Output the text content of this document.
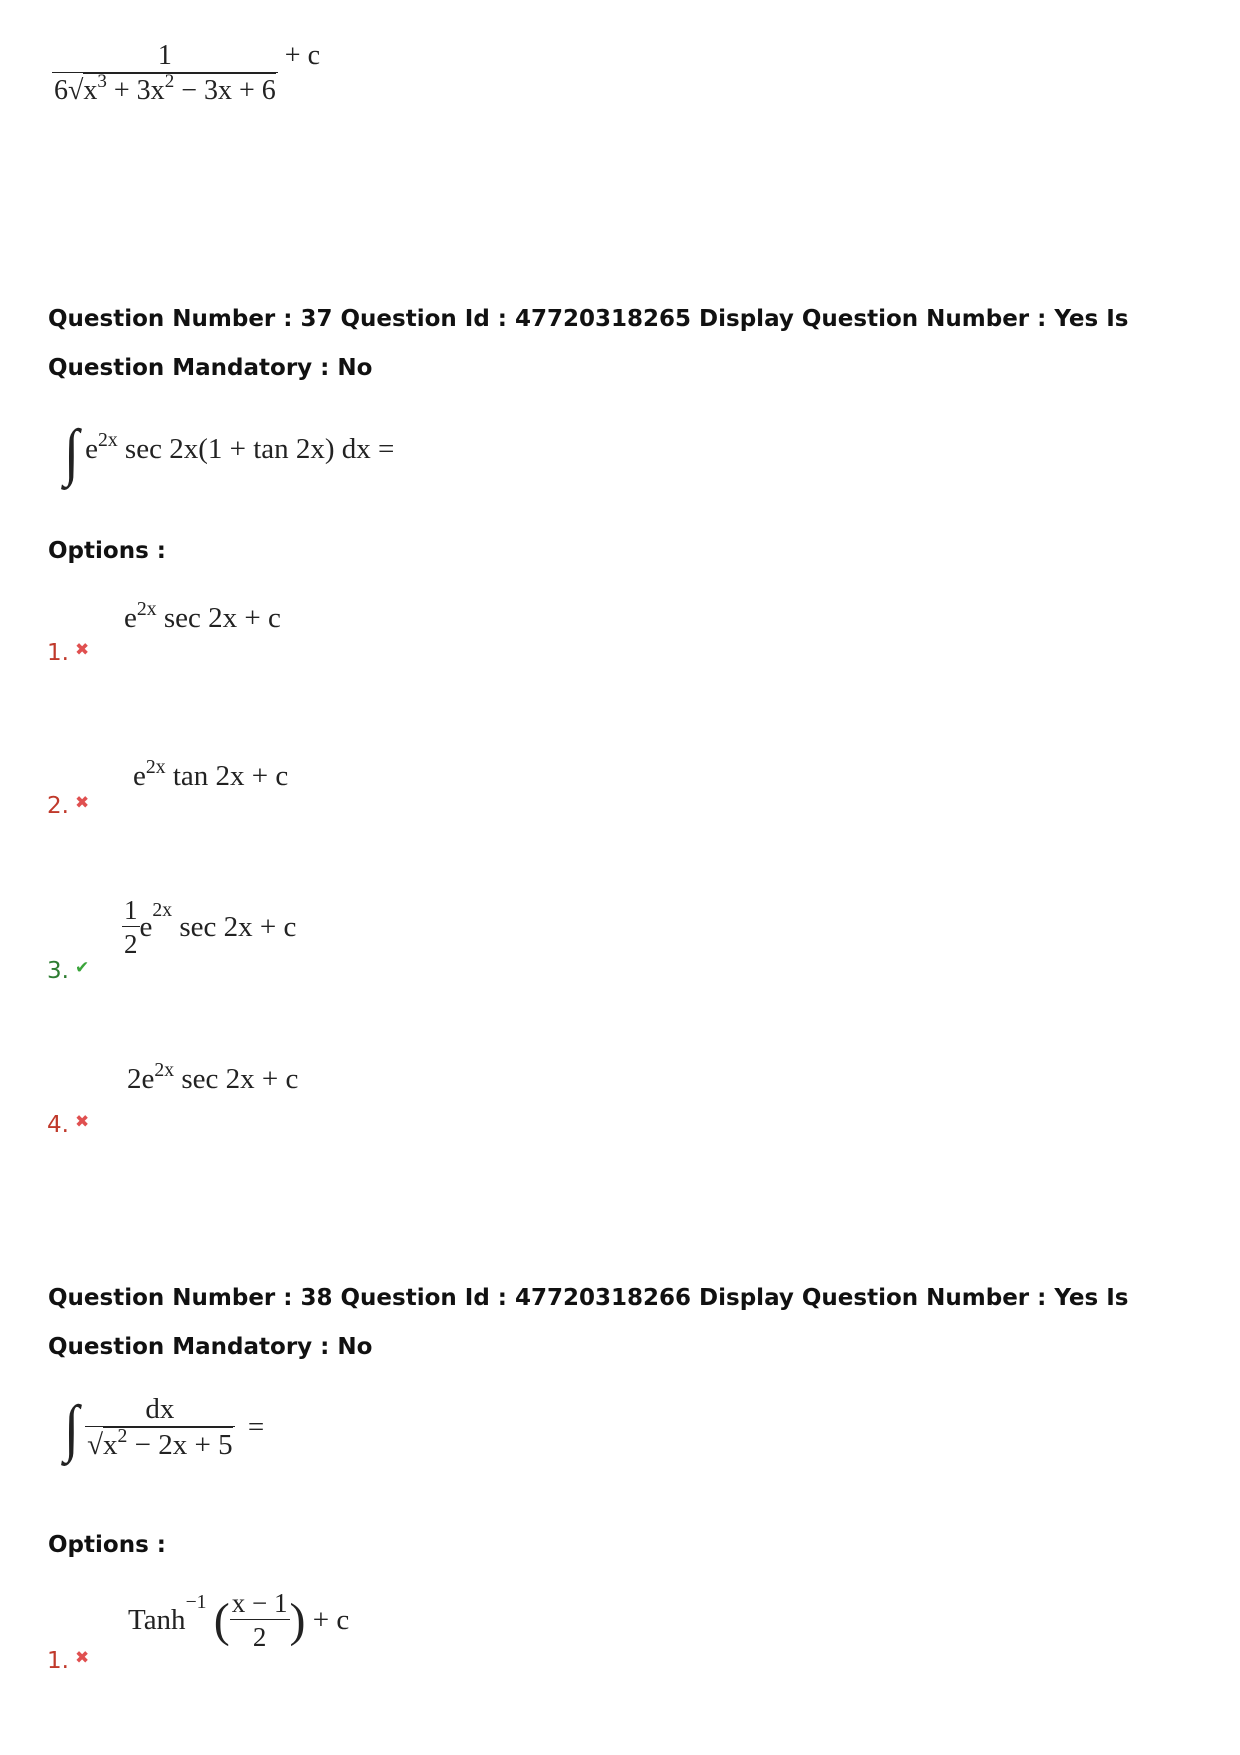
$\frac{1}{6√x^3 + 3x^2 - 3x + 6} + c$
Question Number : 37 Question Id : 47720318265 Display Question Number : Yes Is Question Mandatory : No
∫ $e^{2x}$ sec 2x(1 + tan 2x) dx =
Options :
$e^{2x}$ sec 2x + c
1. ✖
$e^{2x}$ tan 2x + c
2. ✖
$\frac{1}{2} e^{2x}$ sec 2x + c
3. ✔
$2e^{2x}$ sec 2x + c
4. ✖
Question Number : 38 Question Id : 47720318266 Display Question Number : Yes Is Question Mandatory : No
∫ $\frac{dx}{√x^2 - 2x + 5}$ =
Options :
Tanh$^{-1}$ ( $\frac{x - 1}{2}$ ) + c
1. ✖
